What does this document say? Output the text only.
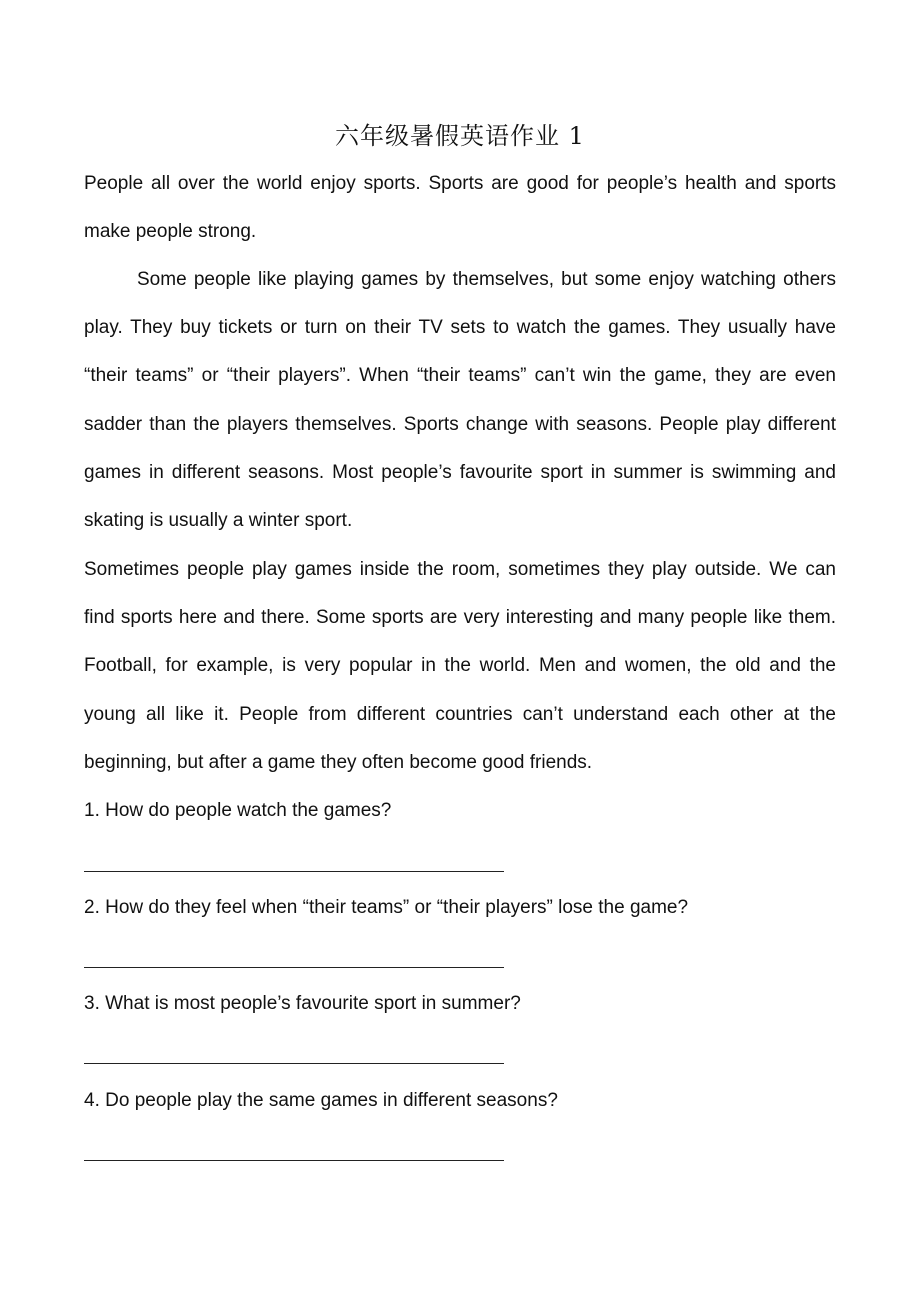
六年级暑假英语作业 1

People all over the world enjoy sports. Sports are good for people’s health and sports make people strong.

Some people like playing games by themselves, but some enjoy watching others play. They buy tickets or turn on their TV sets to watch the games. They usually have “their teams” or “their players”. When “their teams” can’t win the game, they are even sadder than the players themselves. Sports change with seasons. People play different games in different seasons. Most people’s favourite sport in summer is swimming and skating is usually a winter sport.

Sometimes people play games inside the room, sometimes they play outside. We can find sports here and there. Some sports are very interesting and many people like them. Football, for example, is very popular in the world. Men and women, the old and the young all like it. People from different countries can’t understand each other at the beginning, but after a game they often become good friends.

1. How do people watch the games?

2. How do they feel when “their teams” or “their players” lose the game?

3. What is most people’s favourite sport in summer?

4. Do people play the same games in different seasons?
